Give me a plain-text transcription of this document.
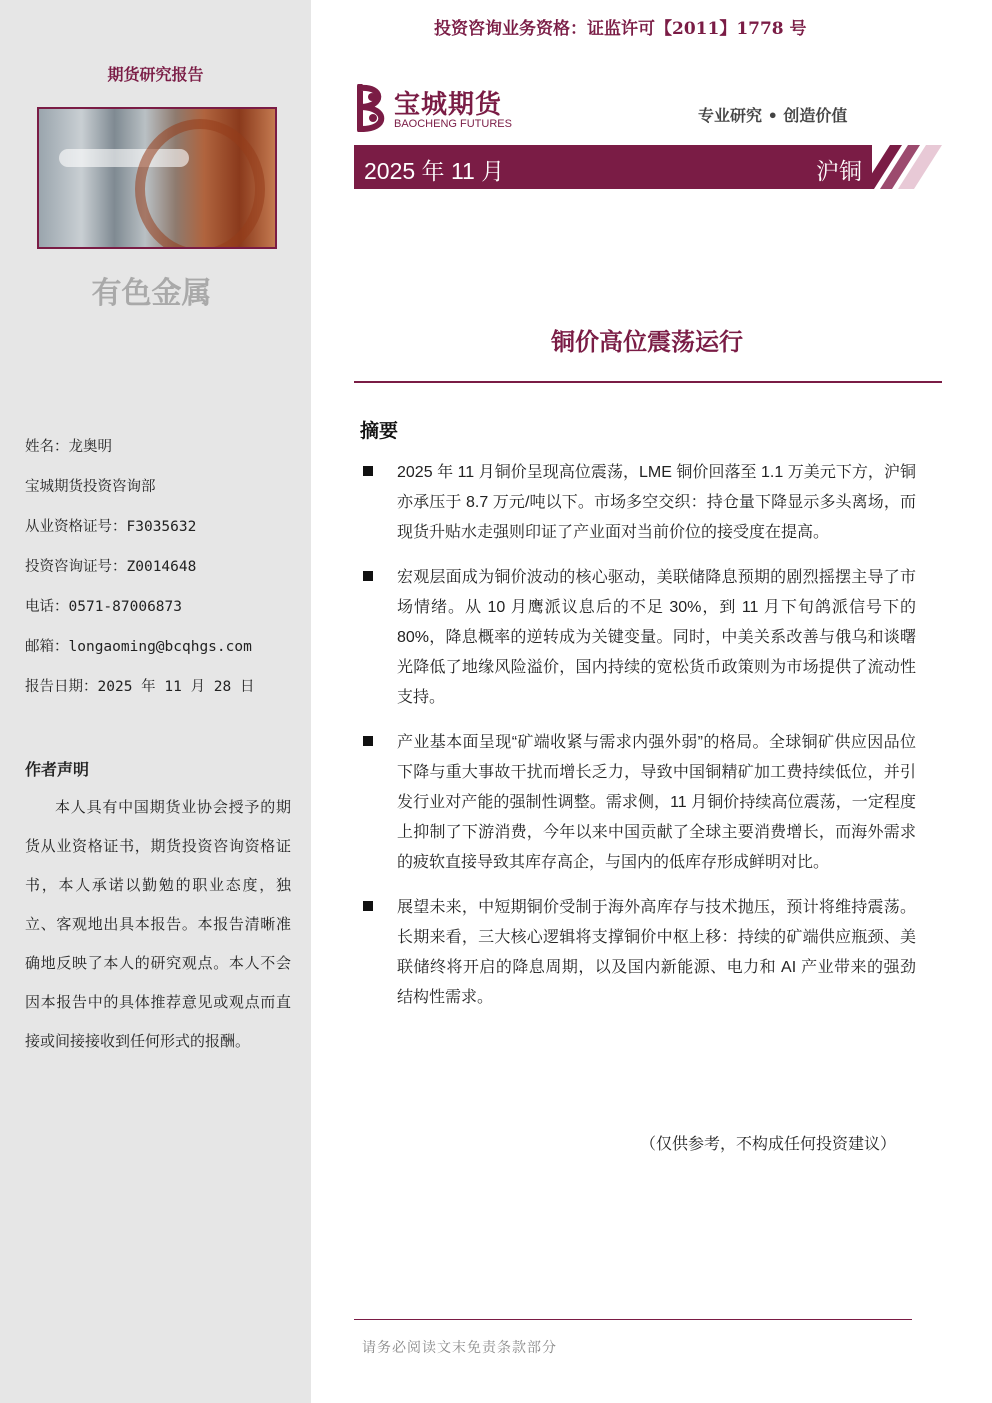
期货研究报告
有色金属
姓名：龙奥明
宝城期货投资咨询部
从业资格证号：F3035632
投资咨询证号：Z0014648
电话：0571-87006873
邮箱：longaoming@bcqhgs.com
报告日期：2025 年 11 月 28 日
作者声明
本人具有中国期货业协会授予的期货从业资格证书，期货投资咨询资格证书，本人承诺以勤勉的职业态度，独立、客观地出具本报告。本报告清晰准确地反映了本人的研究观点。本人不会因本报告中的具体推荐意见或观点而直接或间接接收到任何形式的报酬。
投资咨询业务资格：证监许可【2011】1778 号
宝城期货
BAOCHENG FUTURES	专业研究 • 创造价值
2025 年 11 月	沪铜
铜价高位震荡运行
摘要
2025 年 11 月铜价呈现高位震荡，LME 铜价回落至 1.1 万美元下方，沪铜亦承压于 8.7 万元/吨以下。市场多空交织：持仓量下降显示多头离场，而现货升贴水走强则印证了产业面对当前价位的接受度在提高。
宏观层面成为铜价波动的核心驱动，美联储降息预期的剧烈摇摆主导了市场情绪。从 10 月鹰派议息后的不足 30%，到 11 月下旬鸽派信号下的 80%，降息概率的逆转成为关键变量。同时，中美关系改善与俄乌和谈曙光降低了地缘风险溢价，国内持续的宽松货币政策则为市场提供了流动性支持。
产业基本面呈现“矿端收紧与需求内强外弱”的格局。全球铜矿供应因品位下降与重大事故干扰而增长乏力，导致中国铜精矿加工费持续低位，并引发行业对产能的强制性调整。需求侧，11 月铜价持续高位震荡，一定程度上抑制了下游消费，今年以来中国贡献了全球主要消费增长，而海外需求的疲软直接导致其库存高企，与国内的低库存形成鲜明对比。
展望未来，中短期铜价受制于海外高库存与技术抛压，预计将维持震荡。长期来看，三大核心逻辑将支撑铜价中枢上移：持续的矿端供应瓶颈、美联储终将开启的降息周期，以及国内新能源、电力和 AI 产业带来的强劲结构性需求。
（仅供参考，不构成任何投资建议）
请务必阅读文末免责条款部分
